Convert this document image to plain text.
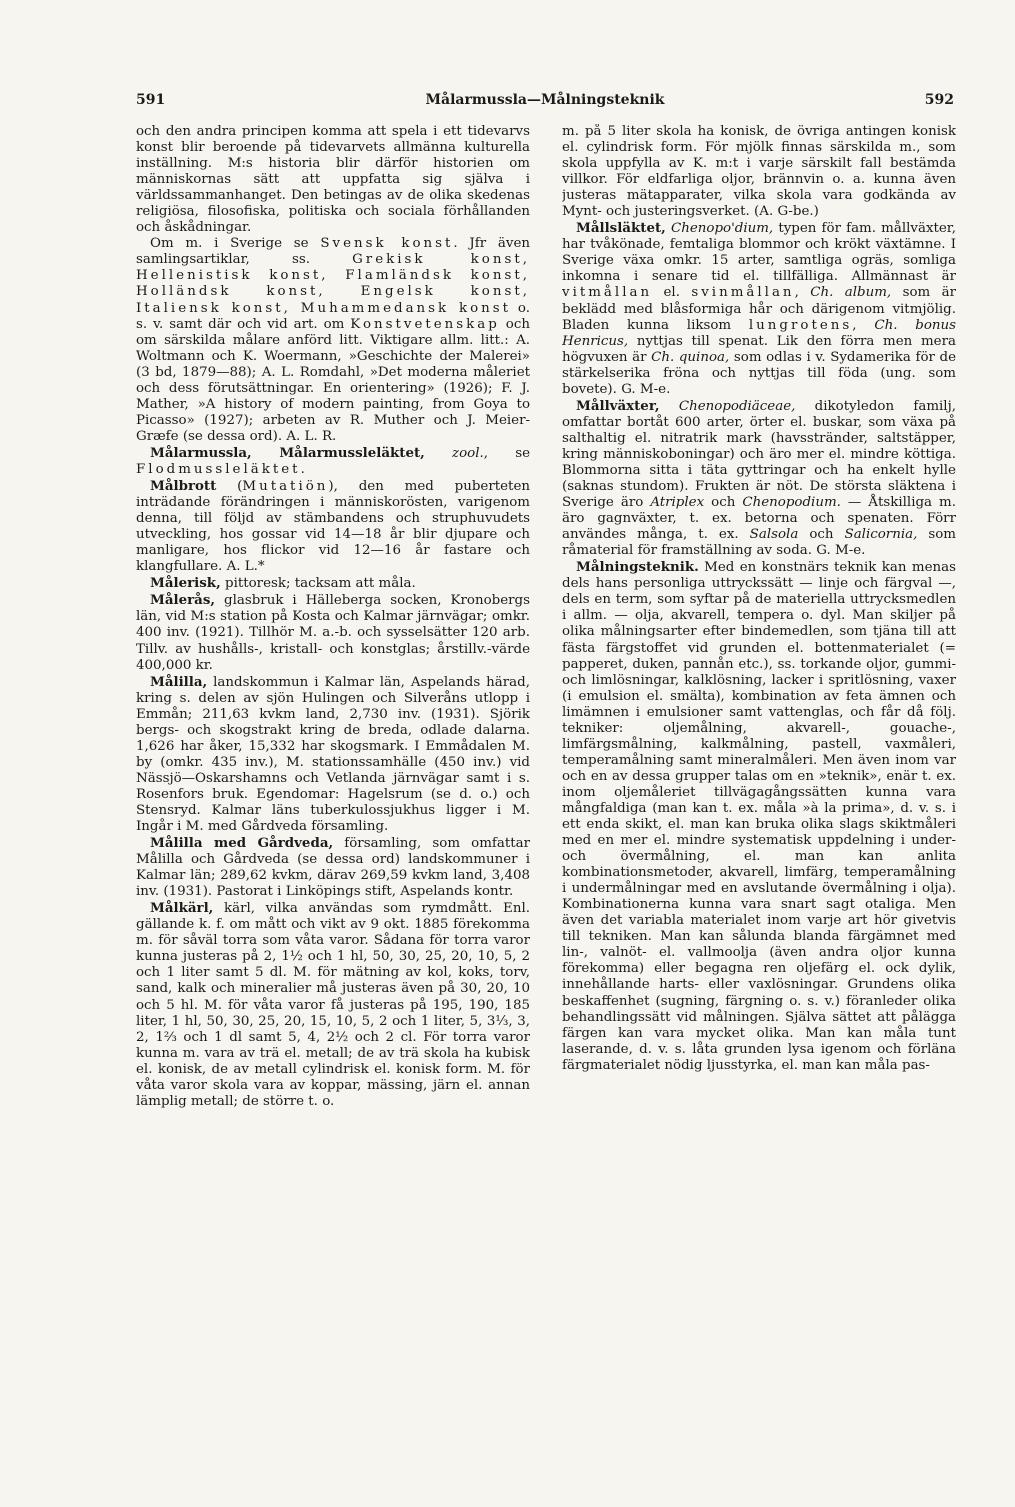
591	Målarmussla—Målningsteknik	592

och den andra principen komma att spela i ett tidevarvs konst blir beroende på tidevarvets allmänna kulturella inställning. M:s historia blir därför historien om människornas sätt att uppfatta sig själva i världssammanhanget. Den betingas av de olika skedenas religiösa, filosofiska, politiska och sociala förhållanden och åskådningar.

Om m. i Sverige se Svensk konst. Jfr även samlingsartiklar, ss. Grekisk konst, Hellenistisk konst, Flamländsk konst, Holländsk konst, Engelsk konst, Italiensk konst, Muhammedansk konst o. s. v. samt där och vid art. om Konstvetenskap och om särskilda målare anförd litt. Viktigare allm. litt.: A. Woltmann och K. Woermann, »Geschichte der Malerei» (3 bd, 1879—88); A. L. Romdahl, »Det moderna måleriet och dess förutsättningar. En orientering» (1926); F. J. Mather, »A history of modern painting, from Goya to Picasso» (1927); arbeten av R. Muther och J. Meier-Græfe (se dessa ord). A. L. R.

Målarmussla, Målarmussleläktet, zool., se Flodmussleläktet.

Målbrott (Mutatiön), den med puberteten inträdande förändringen i människorösten, varigenom denna, till följd av stämbandens och struphuvudets utveckling, hos gossar vid 14—18 år blir djupare och manligare, hos flickor vid 12—16 år fastare och klangfullare. A. L.*

Målerisk, pittoresk; tacksam att måla.

Målerås, glasbruk i Hälleberga socken, Kronobergs län, vid M:s station på Kosta och Kalmar järnvägar; omkr. 400 inv. (1921). Tillhör M. a.-b. och sysselsätter 120 arb. Tillv. av hushålls-, kristall- och konstglas; årstillv.-värde 400,000 kr.

Målilla, landskommun i Kalmar län, Aspelands härad, kring s. delen av sjön Hulingen och Silveråns utlopp i Emmån; 211,63 kvkm land, 2,730 inv. (1931). Sjörik bergs- och skogstrakt kring de breda, odlade dalarna. 1,626 har åker, 15,332 har skogsmark. I Emmådalen M. by (omkr. 435 inv.), M. stationssamhälle (450 inv.) vid Nässjö—Oskarshamns och Vetlanda järnvägar samt i s. Rosenfors bruk. Egendomar: Hagelsrum (se d. o.) och Stensryd. Kalmar läns tuberkulossjukhus ligger i M. Ingår i M. med Gårdveda församling.

Målilla med Gårdveda, församling, som omfattar Målilla och Gårdveda (se dessa ord) landskommuner i Kalmar län; 289,62 kvkm, därav 269,59 kvkm land, 3,408 inv. (1931). Pastorat i Linköpings stift, Aspelands kontr.

Målkärl, kärl, vilka användas som rymdmått. Enl. gällande k. f. om mått och vikt av 9 okt. 1885 förekomma m. för såväl torra som våta varor. Sådana för torra varor kunna justeras på 2, 1½ och 1 hl, 50, 30, 25, 20, 10, 5, 2 och 1 liter samt 5 dl. M. för mätning av kol, koks, torv, sand, kalk och mineralier må justeras även på 30, 20, 10 och 5 hl. M. för våta varor få justeras på 195, 190, 185 liter, 1 hl, 50, 30, 25, 20, 15, 10, 5, 2 och 1 liter, 5, 3⅓, 3, 2, 1⅔ och 1 dl samt 5, 4, 2½ och 2 cl. För torra varor kunna m. vara av trä el. metall; de av trä skola ha kubisk el. konisk, de av metall cylindrisk el. konisk form. M. för våta varor skola vara av koppar, mässing, järn el. annan lämplig metall; de större t. o.

m. på 5 liter skola ha konisk, de övriga antingen konisk el. cylindrisk form. För mjölk finnas särskilda m., som skola uppfylla av K. m:t i varje särskilt fall bestämda villkor. För eldfarliga oljor, brännvin o. a. kunna även justeras mätapparater, vilka skola vara godkända av Mynt- och justeringsverket. (A. G-be.)

Mållsläktet, Chenopo'dium, typen för fam. mållväxter, har tvåkönade, femtaliga blommor och krökt växtämne. I Sverige växa omkr. 15 arter, samtliga ogräs, somliga inkomna i senare tid el. tillfälliga. Allmännast är vitmållan el. svinmållan, Ch. album, som är beklädd med blåsformiga hår och därigenom vitmjölig. Bladen kunna liksom lungrotens, Ch. bonus Henricus, nyttjas till spenat. Lik den förra men mera högvuxen är Ch. quinoa, som odlas i v. Sydamerika för de stärkelserika fröna och nyttjas till föda (ung. som bovete). G. M-e.

Mållväxter, Chenopodiäceae, dikotyledon familj, omfattar bortåt 600 arter, örter el. buskar, som växa på salthaltig el. nitratrik mark (havsstränder, saltstäpper, kring människoboningar) och äro mer el. mindre köttiga. Blommorna sitta i täta gyttringar och ha enkelt hylle (saknas stundom). Frukten är nöt. De största släktena i Sverige äro Atriplex och Chenopodium. — Åtskilliga m. äro gagnväxter, t. ex. betorna och spenaten. Förr användes många, t. ex. Salsola och Salicornia, som råmaterial för framställning av soda. G. M-e.

Målningsteknik. Med en konstnärs teknik kan menas dels hans personliga uttryckssätt — linje och färgval —, dels en term, som syftar på de materiella uttrycksmedlen i allm. — olja, akvarell, tempera o. dyl. Man skiljer på olika målningsarter efter bindemedlen, som tjäna till att fästa färgstoffet vid grunden el. bottenmaterialet (= papperet, duken, pannån etc.), ss. torkande oljor, gummi- och limlösningar, kalklösning, lacker i spritlösning, vaxer (i emulsion el. smälta), kombination av feta ämnen och limämnen i emulsioner samt vattenglas, och får då följ. tekniker: oljemålning, akvarell-, gouache-, limfärgsmålning, kalkmålning, pastell, vaxmåleri, temperamålning samt mineralmåleri. Men även inom var och en av dessa grupper talas om en »teknik», enär t. ex. inom oljemåleriet tillvägagångssätten kunna vara mångfaldiga (man kan t. ex. måla »à la prima», d. v. s. i ett enda skikt, el. man kan bruka olika slags skiktmåleri med en mer el. mindre systematisk uppdelning i under- och övermålning, el. man kan anlita kombinationsmetoder, akvarell, limfärg, temperamålning i undermålningar med en avslutande övermålning i olja). Kombinationerna kunna vara snart sagt otaliga. Men även det variabla materialet inom varje art hör givetvis till tekniken. Man kan sålunda blanda färgämnet med lin-, valnöt- el. vallmoolja (även andra oljor kunna förekomma) eller begagna ren oljefärg el. ock dylik, innehållande harts- eller vaxlösningar. Grundens olika beskaffenhet (sugning, färgning o. s. v.) föranleder olika behandlingssätt vid målningen. Själva sättet att pålägga färgen kan vara mycket olika. Man kan måla tunt laserande, d. v. s. låta grunden lysa igenom och förläna färgmaterialet nödig ljusstyrka, el. man kan måla pas-
